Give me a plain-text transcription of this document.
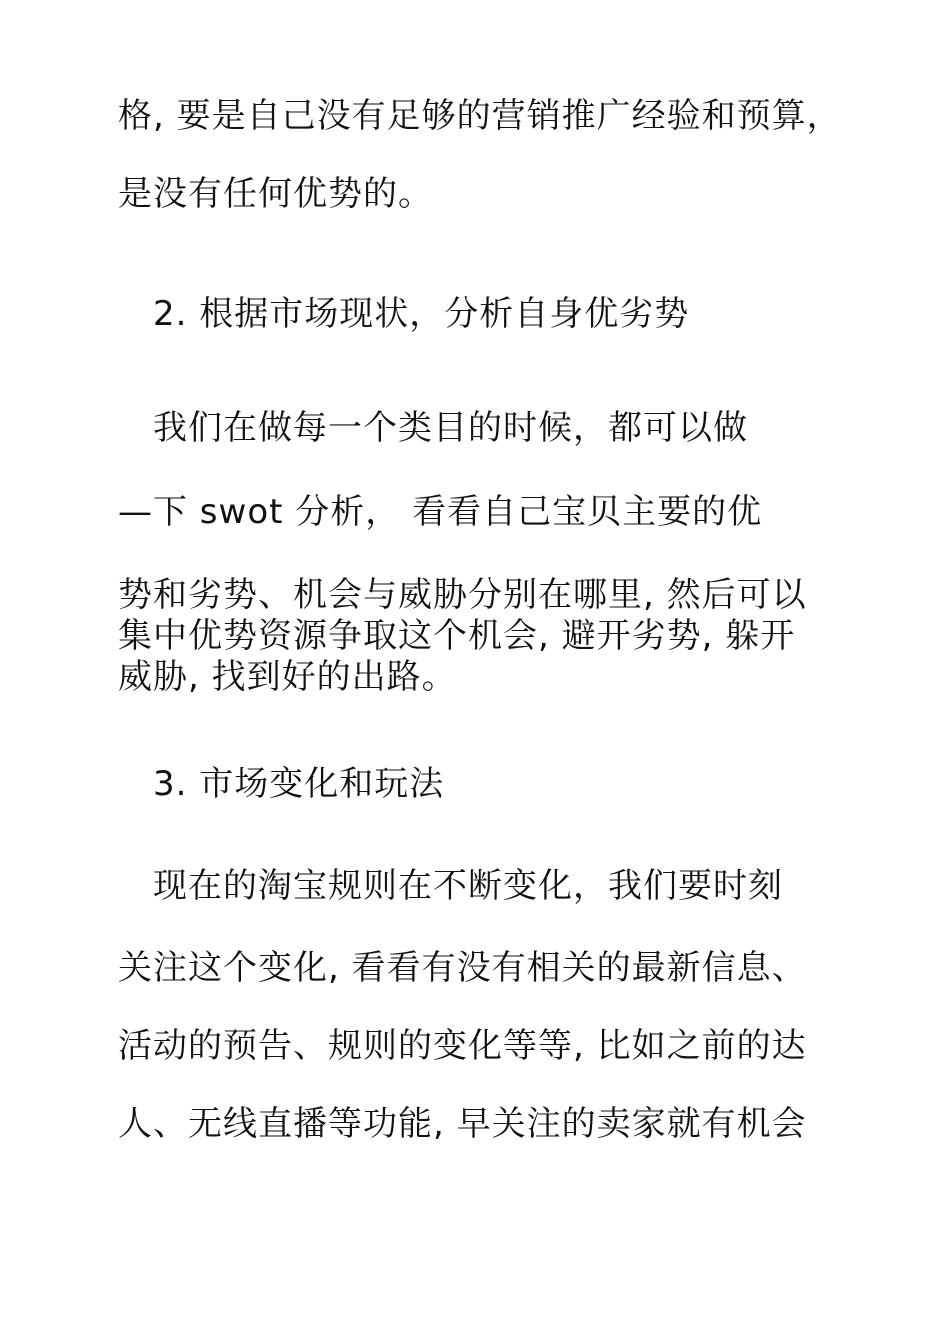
格, 要是自己没有足够的营销推广经验和预算，
是没有任何优势的。
2. 根据市场现状，分析自身优劣势
我们在做每一个类目的时候，都可以做
—下 swot 分析， 看看自己宝贝主要的优
势和劣势、机会与威胁分别在哪里, 然后可以
集中优势资源争取这个机会, 避开劣势, 躲开
威胁, 找到好的出路。
3. 市场变化和玩法
现在的淘宝规则在不断变化，我们要时刻
关注这个变化, 看看有没有相关的最新信息、
活动的预告、规则的变化等等, 比如之前的达
人、无线直播等功能, 早关注的卖家就有机会
